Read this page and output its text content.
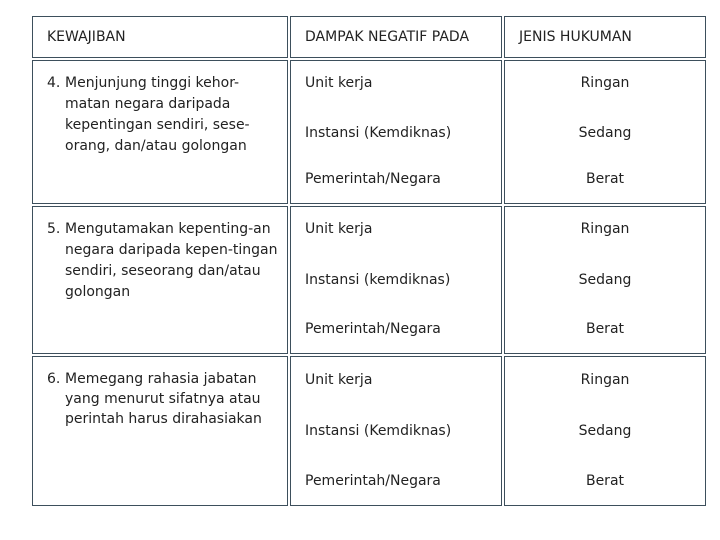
KEWAJIBAN	DAMPAK NEGATIF PADA	JENIS HUKUMAN
4. Menjunjung tinggi kehor-matan negara daripada kepentingan sendiri, sese-orang, dan/atau golongan
Unit kerja
Instansi (Kemdiknas)
Pemerintah/Negara
Ringan
Sedang
Berat
5. Mengutamakan kepenting-an negara daripada kepen-tingan sendiri, seseorang dan/atau golongan
Unit kerja
Instansi (kemdiknas)
Pemerintah/Negara
Ringan
Sedang
Berat
6. Memegang rahasia jabatan yang menurut sifatnya atau perintah harus dirahasiakan
Unit kerja
Instansi (Kemdiknas)
Pemerintah/Negara
Ringan
Sedang
Berat
